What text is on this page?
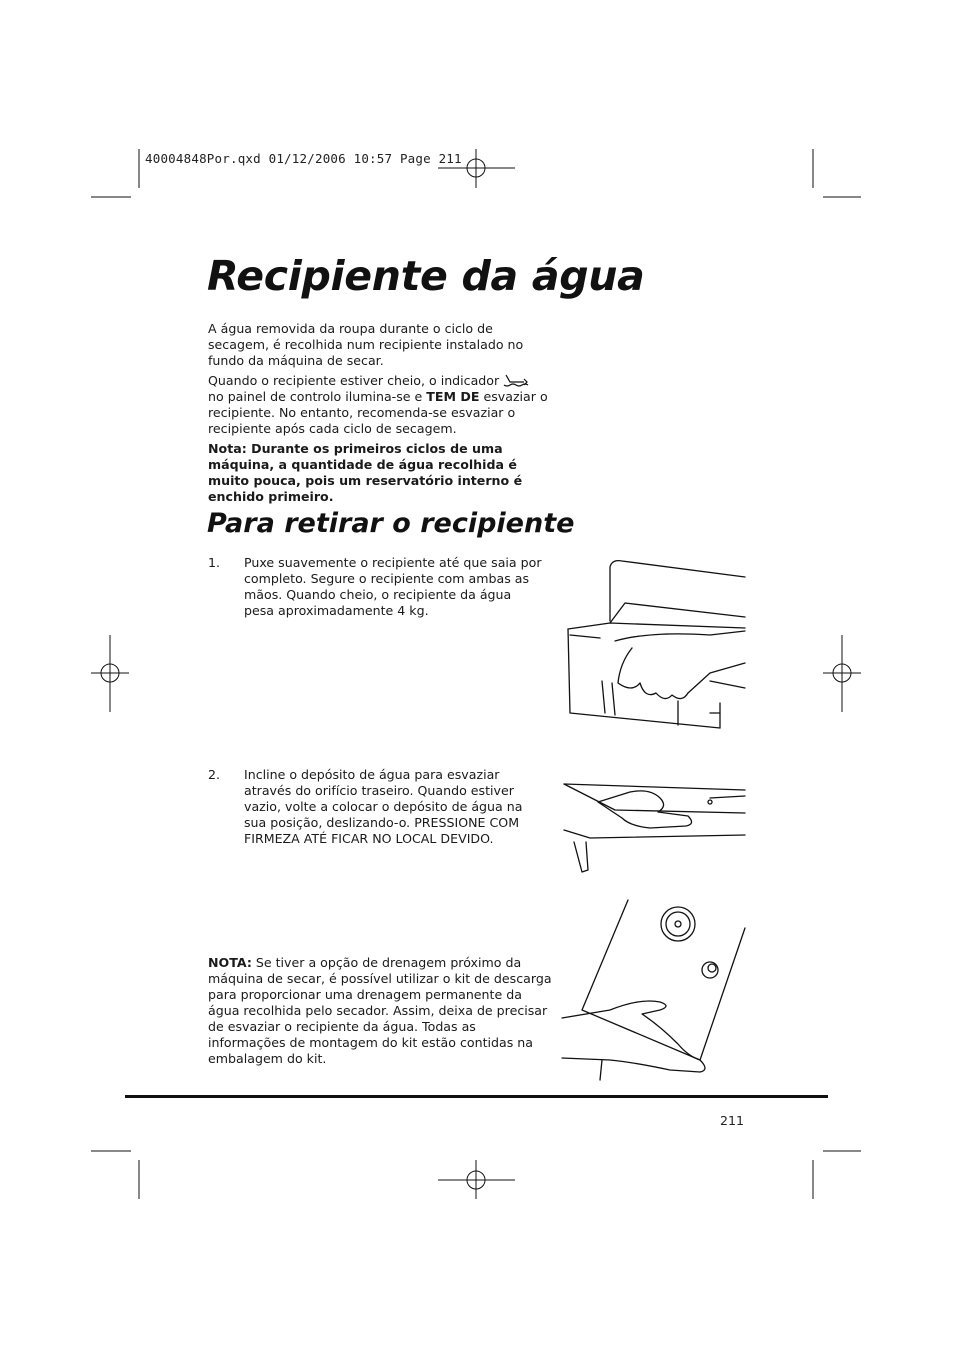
40004848Por.qxd 01/12/2006 10:57 Page 211
Recipiente da água

A água removida da roupa durante o ciclo de secagem, é recolhida num recipiente instalado no fundo da máquina de secar.

Quando o recipiente estiver cheio, o indicador
no painel de controlo ilumina-se e TEM DE esvaziar o recipiente. No entanto, recomenda-se esvaziar o recipiente após cada ciclo de secagem.

Nota: Durante os primeiros ciclos de uma máquina, a quantidade de água recolhida é muito pouca, pois um reservatório interno é enchido primeiro.

Para retirar o recipiente
1.	Puxe suavemente o recipiente até que saia por completo. Segure o recipiente com ambas as mãos. Quando cheio, o recipiente da água pesa aproximadamente 4 kg.
2.	Incline o depósito de água para esvaziar através do orifício traseiro. Quando estiver vazio, volte a colocar o depósito de água na sua posição, deslizando-o. PRESSIONE COM FIRMEZA ATÉ FICAR NO LOCAL DEVIDO.

NOTA: Se tiver a opção de drenagem próximo da máquina de secar, é possível utilizar o kit de descarga para proporcionar uma drenagem permanente da água recolhida pelo secador. Assim, deixa de precisar de esvaziar o recipiente da água. Todas as informações de montagem do kit estão contidas na embalagem do kit.

211
